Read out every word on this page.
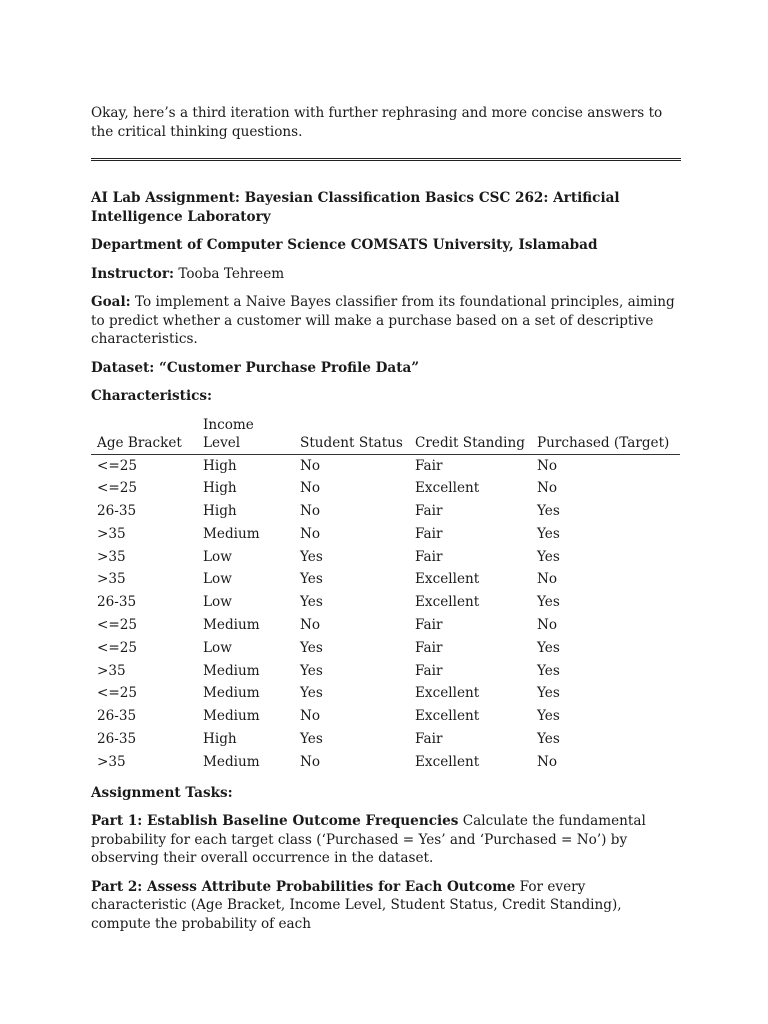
Okay, here’s a third iteration with further rephrasing and more concise answers to the critical thinking questions.

AI Lab Assignment: Bayesian Classification Basics CSC 262: Artificial Intelligence Laboratory

Department of Computer Science COMSATS University, Islamabad

Instructor: Tooba Tehreem

Goal: To implement a Naive Bayes classifier from its foundational principles, aiming to predict whether a customer will make a purchase based on a set of descriptive characteristics.

Dataset: “Customer Purchase Profile Data”

Characteristics:

Age Bracket	Income Level	Student Status	Credit Standing	Purchased (Target)
<=25	High	No	Fair	No
<=25	High	No	Excellent	No
26-35	High	No	Fair	Yes
>35	Medium	No	Fair	Yes
>35	Low	Yes	Fair	Yes
>35	Low	Yes	Excellent	No
26-35	Low	Yes	Excellent	Yes
<=25	Medium	No	Fair	No
<=25	Low	Yes	Fair	Yes
>35	Medium	Yes	Fair	Yes
<=25	Medium	Yes	Excellent	Yes
26-35	Medium	No	Excellent	Yes
26-35	High	Yes	Fair	Yes
>35	Medium	No	Excellent	No

Assignment Tasks:

Part 1: Establish Baseline Outcome Frequencies Calculate the fundamental probability for each target class (‘Purchased = Yes’ and ‘Purchased = No’) by observing their overall occurrence in the dataset.

Part 2: Assess Attribute Probabilities for Each Outcome For every characteristic (Age Bracket, Income Level, Student Status, Credit Standing), compute the probability of each
